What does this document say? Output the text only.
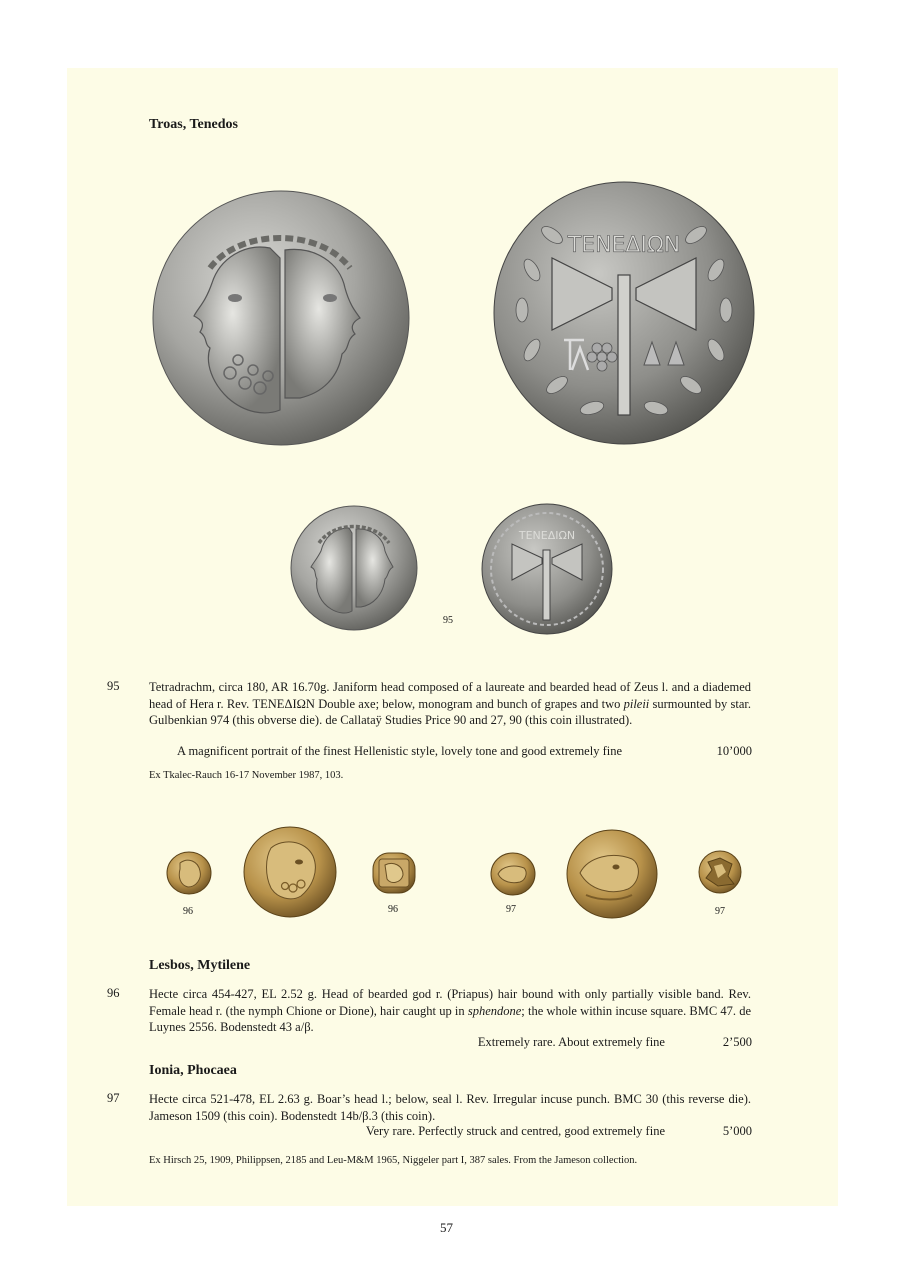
Troas, Tenedos
ΤΕΝΕΔΙΩΝ
95
ΤΕΝΕΔΙΩΝ
95 Tetradrachm, circa 180, AR 16.70g. Janiform head composed of a laureate and bearded head of Zeus l. and a diademed head of Hera r. Rev. ΤΕΝΕΔΙΩΝ Double axe; below, monogram and bunch of grapes and two pileii surmounted by star. Gulbenkian 974 (this obverse die). de Callataÿ Studies Price 90 and 27, 90 (this coin illustrated).
A magnificent portrait of the finest Hellenistic style, lovely tone and good extremely fine	10’000
Ex Tkalec-Rauch 16-17 November 1987, 103.
96	96	97	97
Lesbos, Mytilene
96 Hecte circa 454-427, EL 2.52 g. Head of bearded god r. (Priapus) hair bound with only partially visible band. Rev. Female head r. (the nymph Chione or Dione), hair caught up in sphendone; the whole within incuse square. BMC 47. de Luynes 2556. Bodenstedt 43 a/β.
Extremely rare. About extremely fine	2’500
Ionia, Phocaea
97 Hecte circa 521-478, EL 2.63 g. Boar’s head l.; below, seal l. Rev. Irregular incuse punch. BMC 30 (this reverse die). Jameson 1509 (this coin). Bodenstedt 14b/β.3 (this coin).
Very rare. Perfectly struck and centred, good extremely fine	5’000
Ex Hirsch 25, 1909, Philippsen, 2185 and Leu-M&M 1965, Niggeler part I, 387 sales. From the Jameson collection.
57
